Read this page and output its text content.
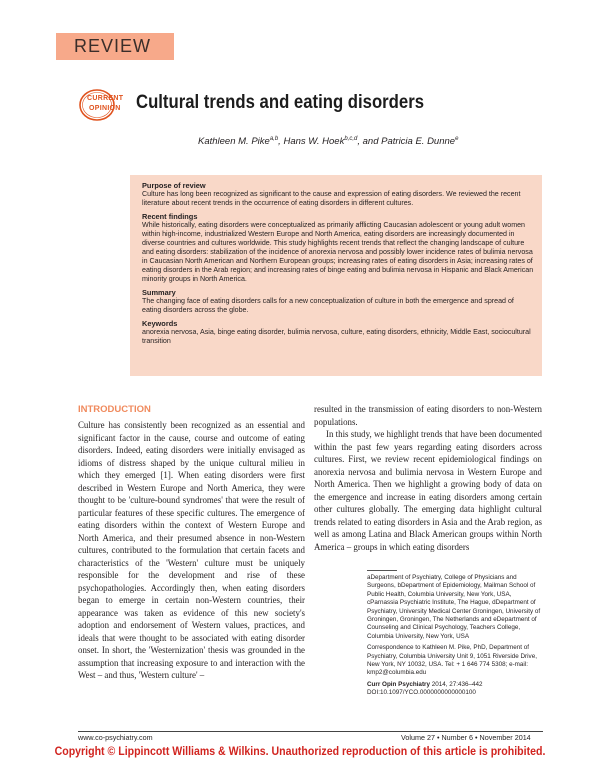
REVIEW
CURRENT
OPINION Cultural trends and eating disorders
Kathleen M. Pike$^{a,b}$, Hans W. Hoek$^{b,c,d}$, and Patricia E. Dunne$^e$
Purpose of review

Culture has long been recognized as significant to the cause and expression of eating disorders. We reviewed the recent literature about recent trends in the occurrence of eating disorders in different cultures.

Recent findings

While historically, eating disorders were conceptualized as primarily afflicting Caucasian adolescent or young adult women within high-income, industrialized Western Europe and North America, eating disorders are increasingly documented in diverse countries and cultures worldwide. This study highlights recent trends that reflect the changing landscape of culture and eating disorders: stabilization of the incidence of anorexia nervosa and possibly lower incidence rates of bulimia nervosa in Caucasian North American and Northern European groups; increasing rates of eating disorders in Asia; increasing rates of eating disorders in the Arab region; and increasing rates of binge eating and bulimia nervosa in Hispanic and Black American minority groups in North America.

Summary

The changing face of eating disorders calls for a new conceptualization of culture in both the emergence and spread of eating disorders across the globe.

Keywords

anorexia nervosa, Asia, binge eating disorder, bulimia nervosa, culture, eating disorders, ethnicity, Middle East, sociocultural transition

INTRODUCTION
Culture has consistently been recognized as an essential and significant factor in the cause, course and outcome of eating disorders. Indeed, eating disorders were initially envisaged as idioms of distress shaped by the unique cultural milieu in which they emerged [1]. When eating disorders were first described in Western Europe and North America, they were thought to be 'culture-bound syndromes' that were the result of particular features of these specific cultures. The emergence of eating disorders within the context of Western Europe and North America, and their presumed absence in non-Western cultures, contributed to the formulation that certain facets and characteristics of the 'Western' culture must be uniquely responsible for the development and rise of these psychopathologies. Accordingly then, when eating disorders began to emerge in certain non-Western countries, their appearance was taken as evidence of this new society's adoption and endorsement of Western values, practices, and ideals that were thought to be associated with eating disorder onset. In short, the 'Westernization' thesis was grounded in the assumption that increasing exposure to and interaction with the West – and thus, 'Western culture' –

resulted in the transmission of eating disorders to non-Western populations.

In this study, we highlight trends that have been documented within the past few years regarding eating disorders across cultures. First, we review recent epidemiological findings on anorexia nervosa and bulimia nervosa in Western Europe and North America. Then we highlight a growing body of data on the emergence and increase in eating disorders among certain other cultures globally. The emerging data highlight cultural trends related to eating disorders in Asia and the Arab region, as well as among Latina and Black American groups within North America – groups in which eating disorders

aDepartment of Psychiatry, College of Physicians and Surgeons, bDepartment of Epidemiology, Mailman School of Public Health, Columbia University, New York, USA, cParnassia Psychiatric Institute, The Hague, dDepartment of Psychiatry, University Medical Center Groningen, University of Groningen, Groningen, The Netherlands and eDepartment of Counseling and Clinical Psychology, Teachers College, Columbia University, New York, USA

Correspondence to Kathleen M. Pike, PhD, Department of Psychiatry, Columbia University Unit 9, 1051 Riverside Drive, New York, NY 10032, USA. Tel: + 1 646 774 5308; e-mail: kmp2@columbia.edu

Curr Opin Psychiatry 2014, 27:436–442

DOI:10.1097/YCO.0000000000000100

www.co-psychiatry.com	Volume 27 • Number 6 • November 2014
Copyright © Lippincott Williams & Wilkins. Unauthorized reproduction of this article is prohibited.
